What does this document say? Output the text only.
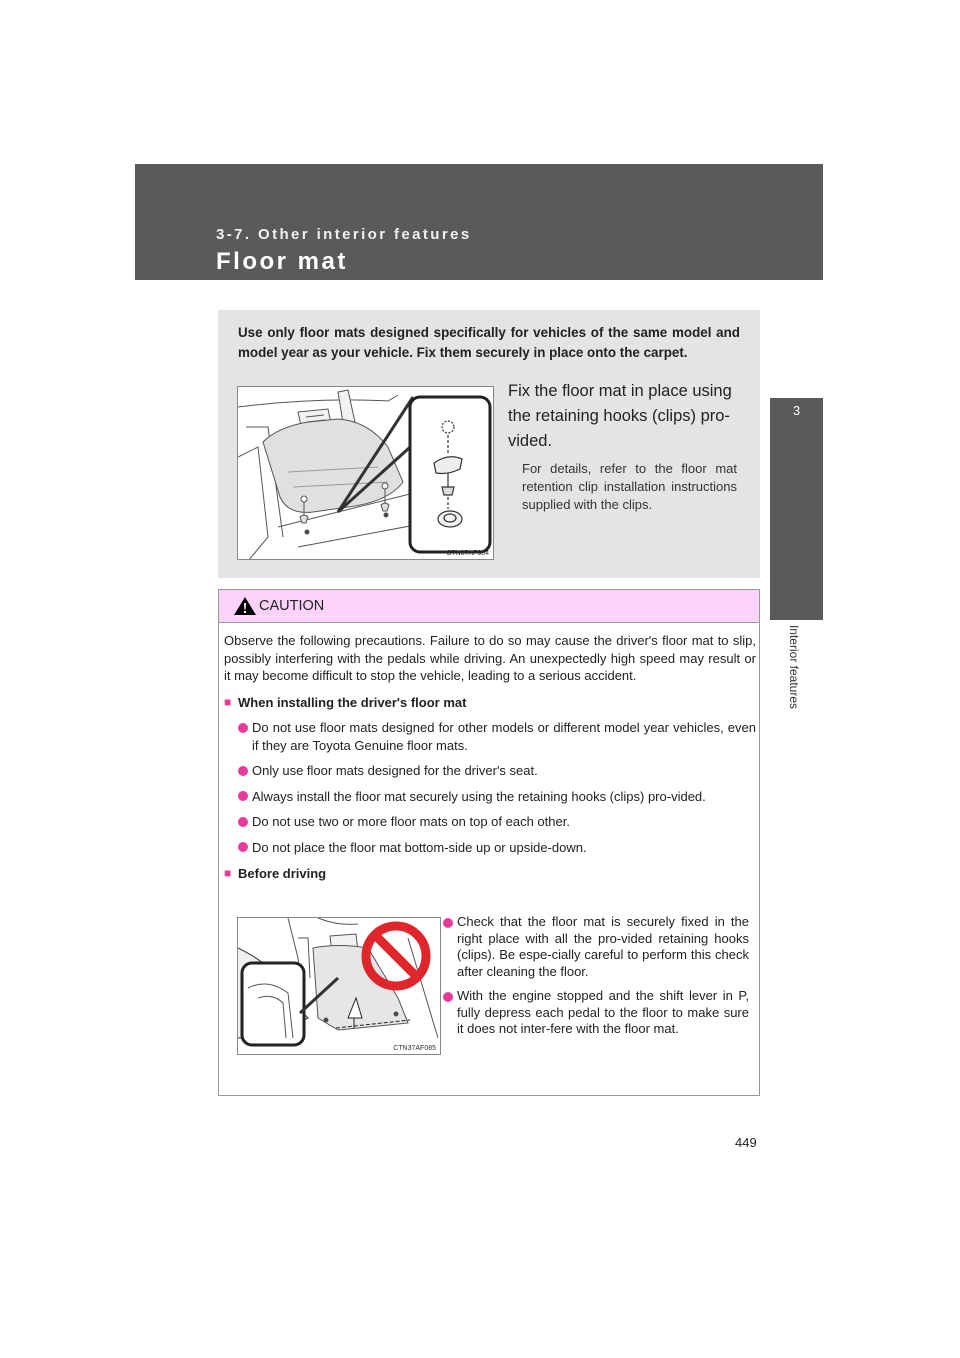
3-7. Other interior features
Floor mat
3
Interior features
Use only floor mats designed specifically for vehicles of the same model and model year as your vehicle. Fix them securely in place onto the carpet.
CTN37AF084
Fix the floor mat in place using the retaining hooks (clips) pro-vided.
For details, refer to the floor mat retention clip installation instructions supplied with the clips.
CAUTION

Observe the following precautions. Failure to do so may cause the driver's floor mat to slip, possibly interfering with the pedals while driving. An unexpectedly high speed may result or it may become difficult to stop the vehicle, leading to a serious accident.

■ When installing the driver's floor mat
Do not use floor mats designed for other models or different model year vehicles, even if they are Toyota Genuine floor mats.
Only use floor mats designed for the driver's seat.
Always install the floor mat securely using the retaining hooks (clips) pro-vided.
Do not use two or more floor mats on top of each other.
Do not place the floor mat bottom-side up or upside-down.
■ Before driving
CTN37AF085
Check that the floor mat is securely fixed in the right place with all the pro-vided retaining hooks (clips). Be espe-cially careful to perform this check after cleaning the floor.
With the engine stopped and the shift lever in P, fully depress each pedal to the floor to make sure it does not inter-fere with the floor mat.
449
